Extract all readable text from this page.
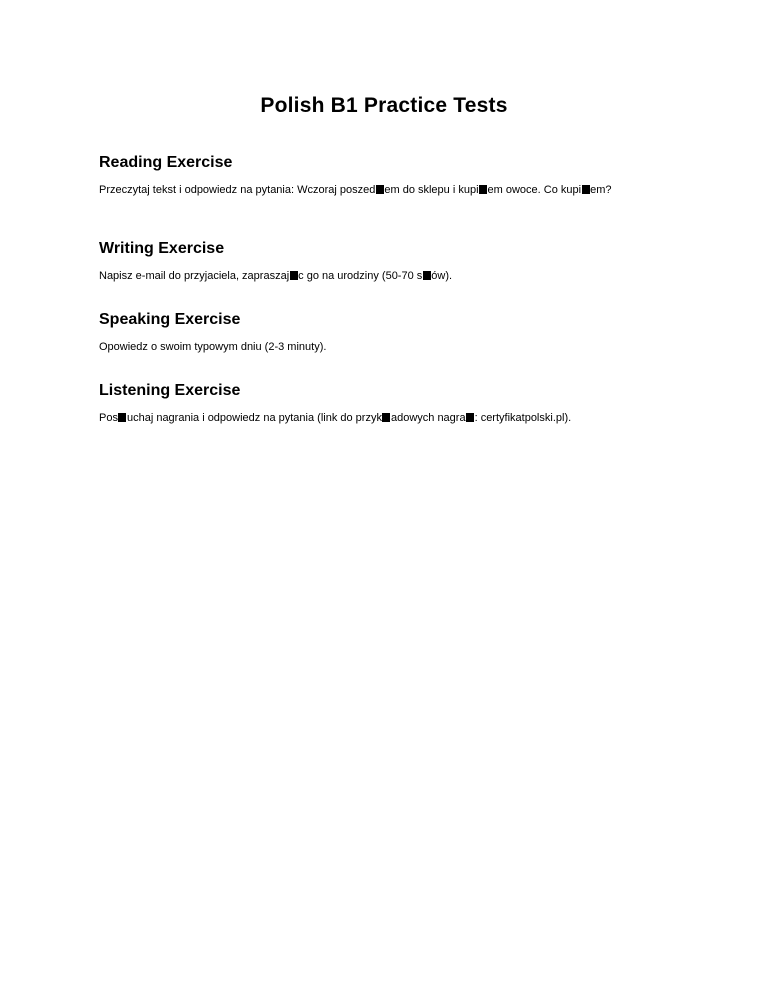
Polish B1 Practice Tests
Reading Exercise

Przeczytaj tekst i odpowiedz na pytania: Wczoraj poszed em do sklepu i kupi em owoce. Co kupi em?

Writing Exercise

Napisz e-mail do przyjaciela, zapraszaj c go na urodziny (50-70 s ów).

Speaking Exercise

Opowiedz o swoim typowym dniu (2-3 minuty).

Listening Exercise

Pos uchaj nagrania i odpowiedz na pytania (link do przyk adowych nagra : certyfikatpolski.pl).
